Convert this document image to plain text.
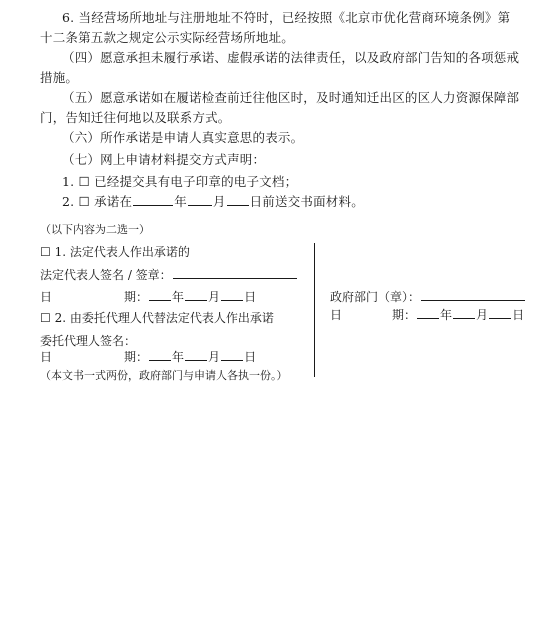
6. 当经营场所地址与注册地址不符时，已经按照《北京市优化营商环境条例》第十二条第五款之规定公示实际经营场所地址。
（四）愿意承担未履行承诺、虚假承诺的法律责任，以及政府部门告知的各项惩戒措施。
（五）愿意承诺如在履诺检查前迁往他区时，及时通知迁出区的区人力资源保障部门，告知迁往何地以及联系方式。
（六）所作承诺是申请人真实意思的表示。
（七）网上申请材料提交方式声明：
1. ☐ 已经提交具有电子印章的电子文档；
2. ☐ 承诺在	年 月 日前送交书面材料。
（以下内容为二选一）
☐ 1. 法定代表人作出承诺的
法定代表人签名 / 签章：
日	期： 年 月 日
☐ 2. 由委托代理人代替法定代表人作出承诺
委托代理人签名：
日	期： 年 月 日
（本文书一式两份，政府部门与申请人各执一份。）
政府部门（章）：
日	期： 年 月 日
